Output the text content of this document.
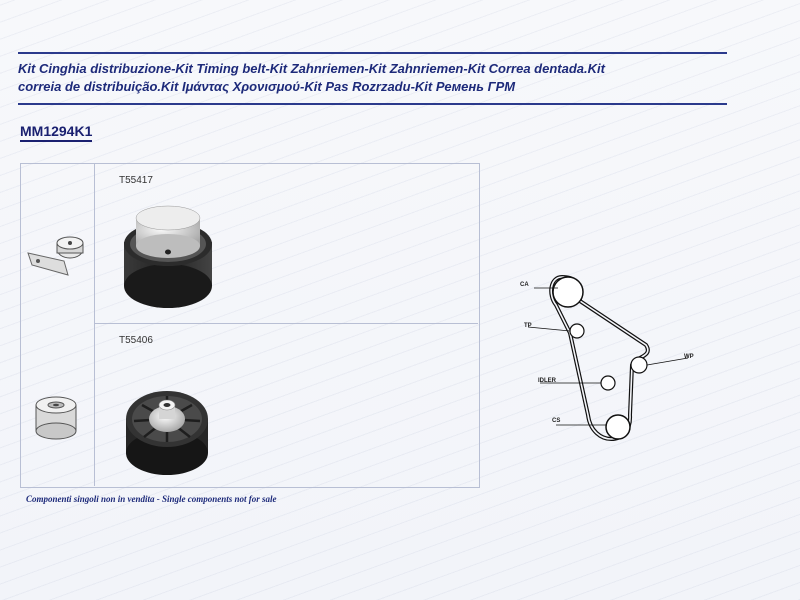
Kit Cinghia distribuzione-Kit Timing belt-Kit Zahnriemen-Kit Zahnriemen-Kit Correa dentada.Kit
correia de distribuição.Kit Ιμάντας Χρονισμού-Kit Pas Rozrzadu-Kit Ремень ГРМ
MM1294K1
T55417
T55406
CA
TP
WP
IDLER
CS
Componenti singoli non in vendita - Single components not for sale
